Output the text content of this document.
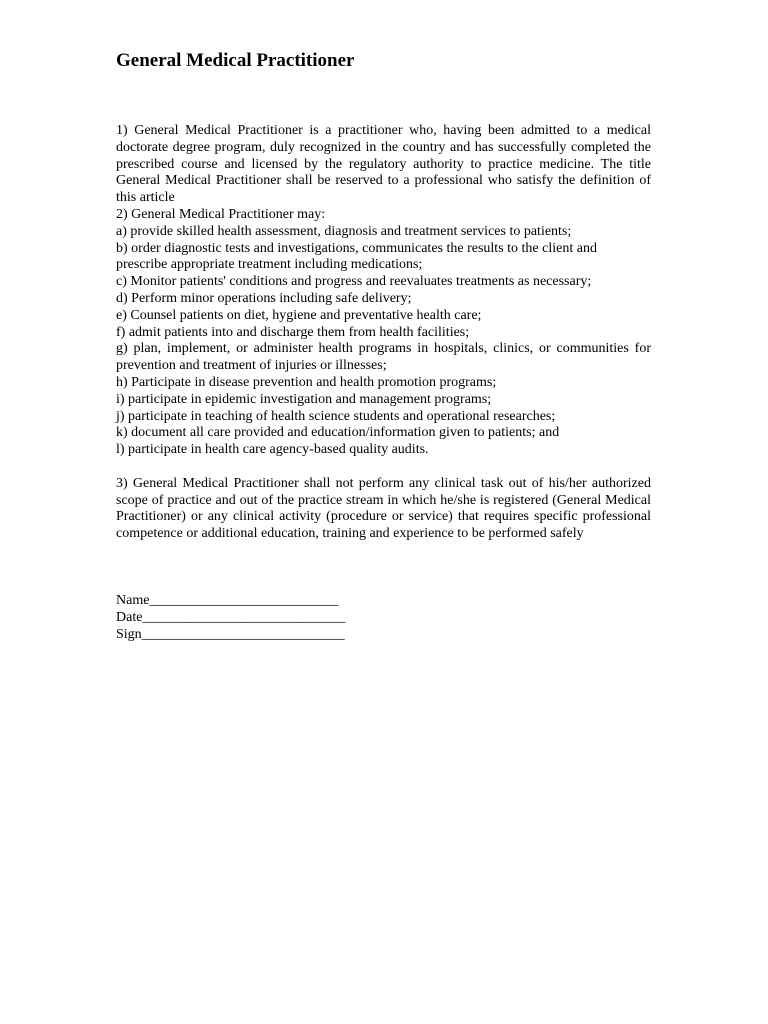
General Medical Practitioner

1) General Medical Practitioner is a practitioner who, having been admitted to a medical doctorate degree program, duly recognized in the country and has successfully completed the prescribed course and licensed by the regulatory authority to practice medicine. The title General Medical Practitioner shall be reserved to a professional who satisfy the definition of this article

2) General Medical Practitioner may:

a) provide skilled health assessment, diagnosis and treatment services to patients;

b) order diagnostic tests and investigations, communicates the results to the client and prescribe appropriate treatment including medications;

c) Monitor patients' conditions and progress and reevaluates treatments as necessary;

d) Perform minor operations including safe delivery;

e) Counsel patients on diet, hygiene and preventative health care;

f) admit patients into and discharge them from health facilities;

g) plan, implement, or administer health programs in hospitals, clinics, or communities for prevention and treatment of injuries or illnesses;

h) Participate in disease prevention and health promotion programs;

i) participate in epidemic investigation and management programs;

j) participate in teaching of health science students and operational researches;

k) document all care provided and education/information given to patients; and

l) participate in health care agency-based quality audits.

3) General Medical Practitioner shall not perform any clinical task out of his/her authorized scope of practice and out of the practice stream in which he/she is registered (General Medical Practitioner) or any clinical activity (procedure or service) that requires specific professional competence or additional education, training and experience to be performed safely

Name___________________________

Date_____________________________

Sign_____________________________
